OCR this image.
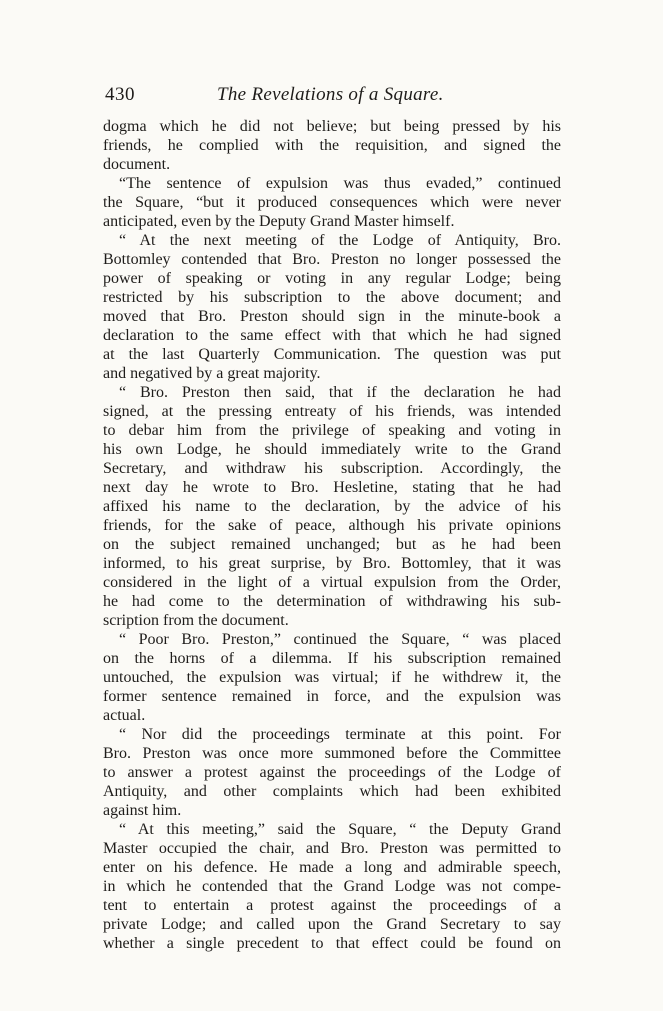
430	The Revelations of a Square.
dogma which he did not believe; but being pressed by his
friends, he complied with the requisition, and signed the
document.
“The sentence of expulsion was thus evaded,” continued
the Square, “but it produced consequences which were never
anticipated, even by the Deputy Grand Master himself.
“ At the next meeting of the Lodge of Antiquity, Bro.
Bottomley contended that Bro. Preston no longer possessed the
power of speaking or voting in any regular Lodge; being
restricted by his subscription to the above document; and
moved that Bro. Preston should sign in the minute-book a
declaration to the same effect with that which he had signed
at the last Quarterly Communication. The question was put
and negatived by a great majority.
“ Bro. Preston then said, that if the declaration he had
signed, at the pressing entreaty of his friends, was intended
to debar him from the privilege of speaking and voting in
his own Lodge, he should immediately write to the Grand
Secretary, and withdraw his subscription. Accordingly, the
next day he wrote to Bro. Hesletine, stating that he had
affixed his name to the declaration, by the advice of his
friends, for the sake of peace, although his private opinions
on the subject remained unchanged; but as he had been
informed, to his great surprise, by Bro. Bottomley, that it was
considered in the light of a virtual expulsion from the Order,
he had come to the determination of withdrawing his sub-
scription from the document.
“ Poor Bro. Preston,” continued the Square, “ was placed
on the horns of a dilemma. If his subscription remained
untouched, the expulsion was virtual; if he withdrew it, the
former sentence remained in force, and the expulsion was
actual.
“ Nor did the proceedings terminate at this point. For
Bro. Preston was once more summoned before the Committee
to answer a protest against the proceedings of the Lodge of
Antiquity, and other complaints which had been exhibited
against him.
“ At this meeting,” said the Square, “ the Deputy Grand
Master occupied the chair, and Bro. Preston was permitted to
enter on his defence. He made a long and admirable speech,
in which he contended that the Grand Lodge was not compe-
tent to entertain a protest against the proceedings of a
private Lodge; and called upon the Grand Secretary to say
whether a single precedent to that effect could be found on
